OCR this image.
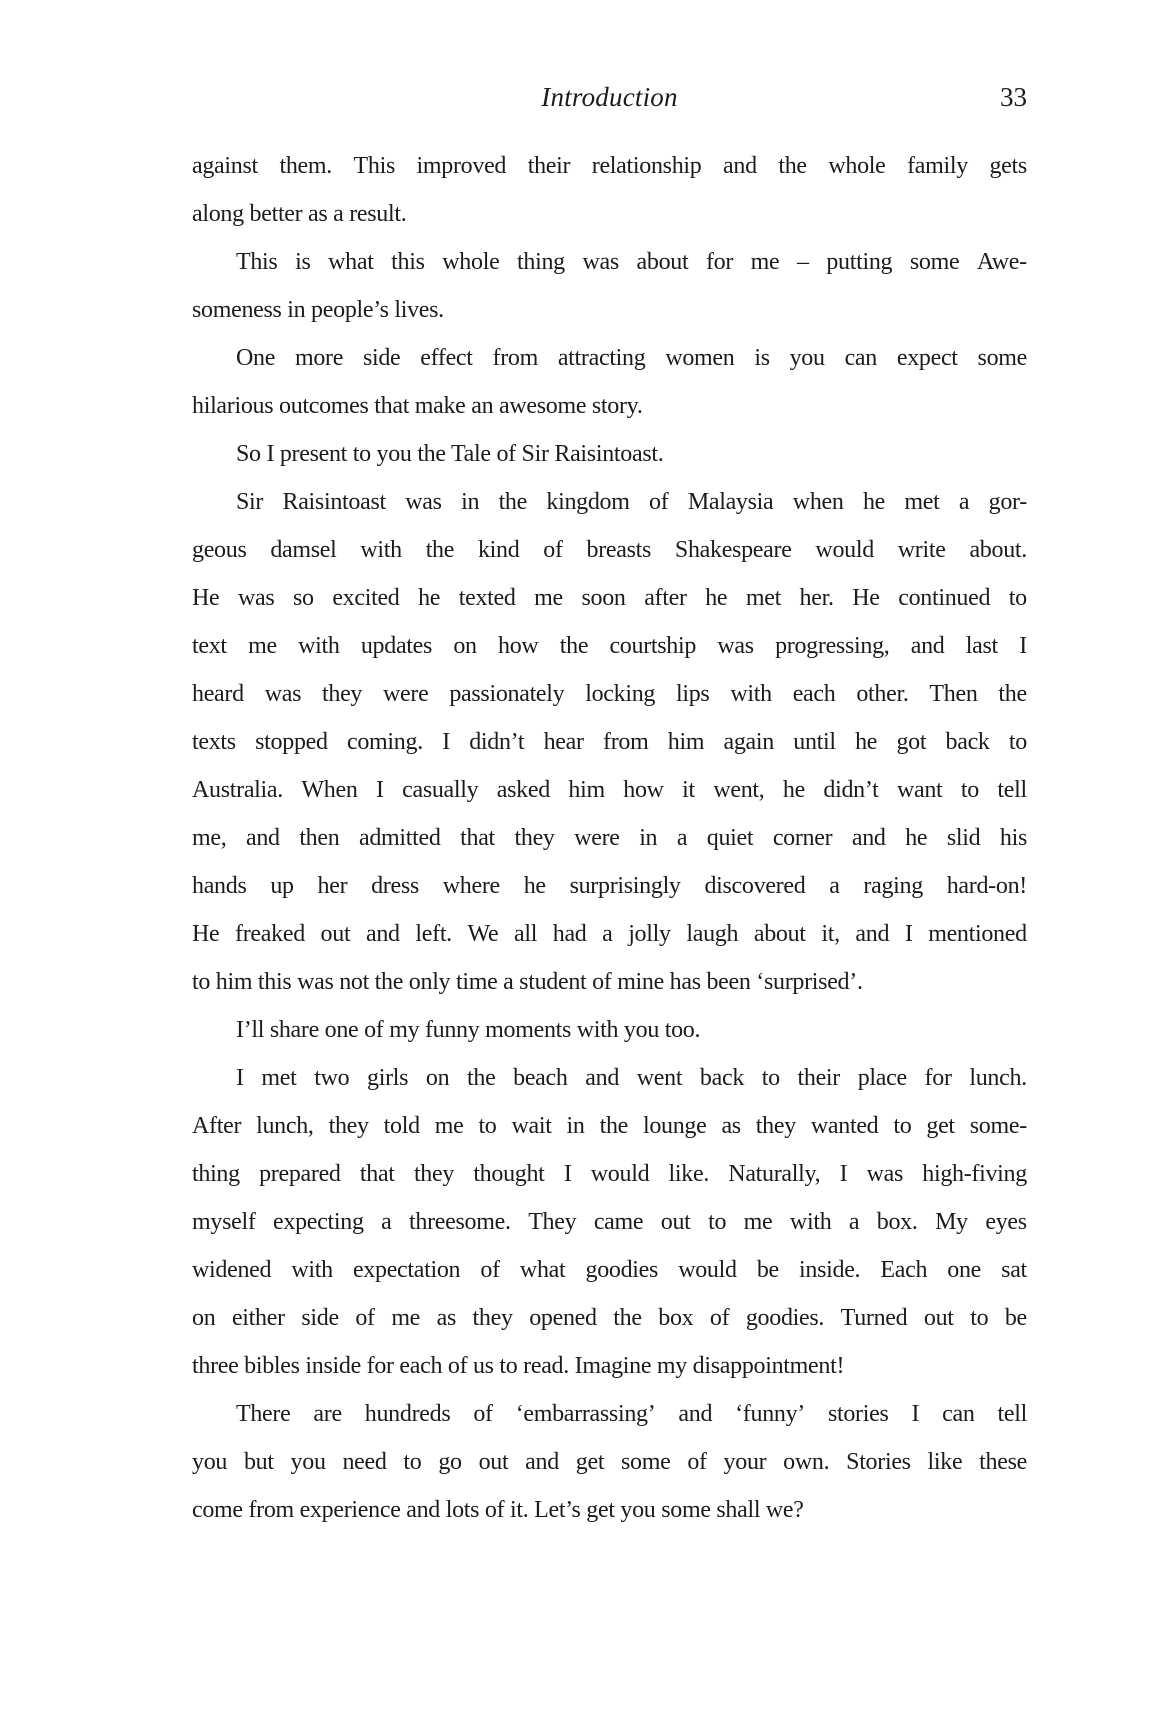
Introduction	33
against them. This improved their relationship and the whole family gets
along better as a result.
This is what this whole thing was about for me – putting some Awe-
someness in people’s lives.
One more side effect from attracting women is you can expect some
hilarious outcomes that make an awesome story.
So I present to you the Tale of Sir Raisintoast.
Sir Raisintoast was in the kingdom of Malaysia when he met a gor-
geous damsel with the kind of breasts Shakespeare would write about.
He was so excited he texted me soon after he met her. He continued to
text me with updates on how the courtship was progressing, and last I
heard was they were passionately locking lips with each other. Then the
texts stopped coming. I didn’t hear from him again until he got back to
Australia. When I casually asked him how it went, he didn’t want to tell
me, and then admitted that they were in a quiet corner and he slid his
hands up her dress where he surprisingly discovered a raging hard-on!
He freaked out and left. We all had a jolly laugh about it, and I mentioned
to him this was not the only time a student of mine has been ‘surprised’.
I’ll share one of my funny moments with you too.
I met two girls on the beach and went back to their place for lunch.
After lunch, they told me to wait in the lounge as they wanted to get some-
thing prepared that they thought I would like. Naturally, I was high-fiving
myself expecting a threesome. They came out to me with a box. My eyes
widened with expectation of what goodies would be inside. Each one sat
on either side of me as they opened the box of goodies. Turned out to be
three bibles inside for each of us to read. Imagine my disappointment!
There are hundreds of ‘embarrassing’ and ‘funny’ stories I can tell
you but you need to go out and get some of your own. Stories like these
come from experience and lots of it. Let’s get you some shall we?
